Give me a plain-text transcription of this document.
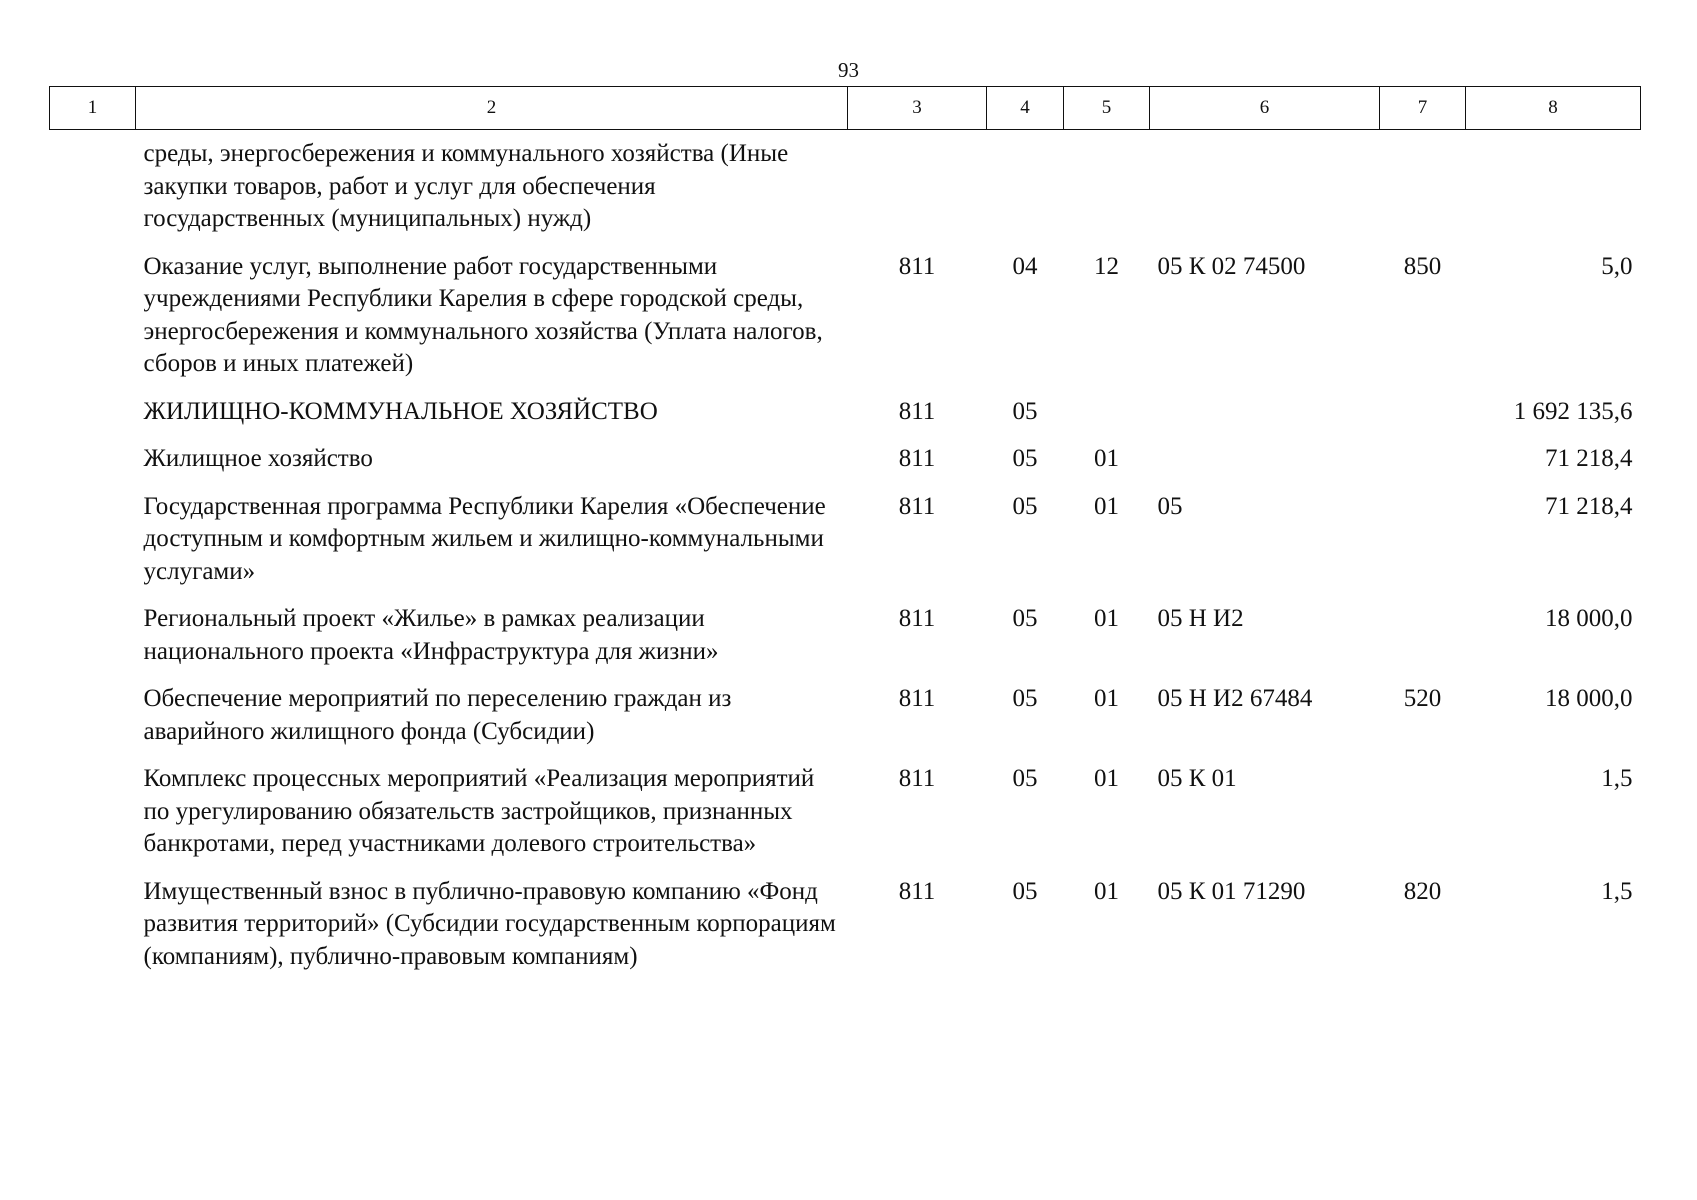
93
1	2	3	4	5	6	7	8
	среды, энергосбережения и коммунального хозяйства (Иные закупки товаров, работ и услуг для обеспечения государственных (муниципальных) нужд)						
	Оказание услуг, выполнение работ государственными учреждениями Республики Карелия в сфере городской среды, энергосбережения и коммунального хозяйства (Уплата налогов, сборов и иных платежей)	811	04	12	05 К 02 74500	850	5,0
	ЖИЛИЩНО-КОММУНАЛЬНОЕ ХОЗЯЙСТВО	811	05				1 692 135,6
	Жилищное хозяйство	811	05	01			71 218,4
	Государственная программа Республики Карелия «Обеспечение доступным и комфортным жильем и жилищно-коммунальными услугами»	811	05	01	05		71 218,4
	Региональный проект «Жилье» в рамках реализации национального проекта «Инфраструктура для жизни»	811	05	01	05 Н И2		18 000,0
	Обеспечение мероприятий по переселению граждан из аварийного жилищного фонда (Субсидии)	811	05	01	05 Н И2 67484	520	18 000,0
	Комплекс процессных мероприятий «Реализация мероприятий по урегулированию обязательств застройщиков, признанных банкротами, перед участниками долевого строительства»	811	05	01	05 К 01		1,5
	Имущественный взнос в публично-правовую компанию «Фонд развития территорий» (Субсидии государственным корпорациям (компаниям), публично-правовым компаниям)	811	05	01	05 К 01 71290	820	1,5
